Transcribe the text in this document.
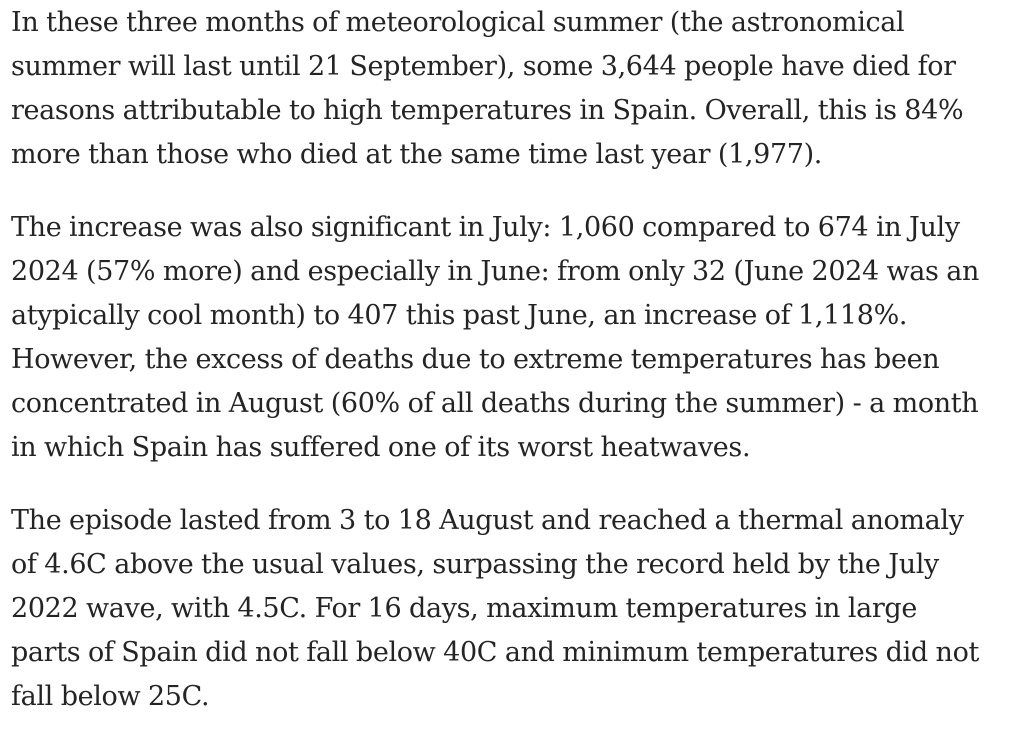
In these three months of meteorological summer (the astronomical
summer will last until 21 September), some 3,644 people have died for
reasons attributable to high temperatures in Spain. Overall, this is 84%
more than those who died at the same time last year (1,977).

The increase was also significant in July: 1,060 compared to 674 in July
2024 (57% more) and especially in June: from only 32 (June 2024 was an
atypically cool month) to 407 this past June, an increase of 1,118%.
However, the excess of deaths due to extreme temperatures has been
concentrated in August (60% of all deaths during the summer) - a month
in which Spain has suffered one of its worst heatwaves.

The episode lasted from 3 to 18 August and reached a thermal anomaly
of 4.6C above the usual values, surpassing the record held by the July
2022 wave, with 4.5C. For 16 days, maximum temperatures in large
parts of Spain did not fall below 40C and minimum temperatures did not
fall below 25C.
